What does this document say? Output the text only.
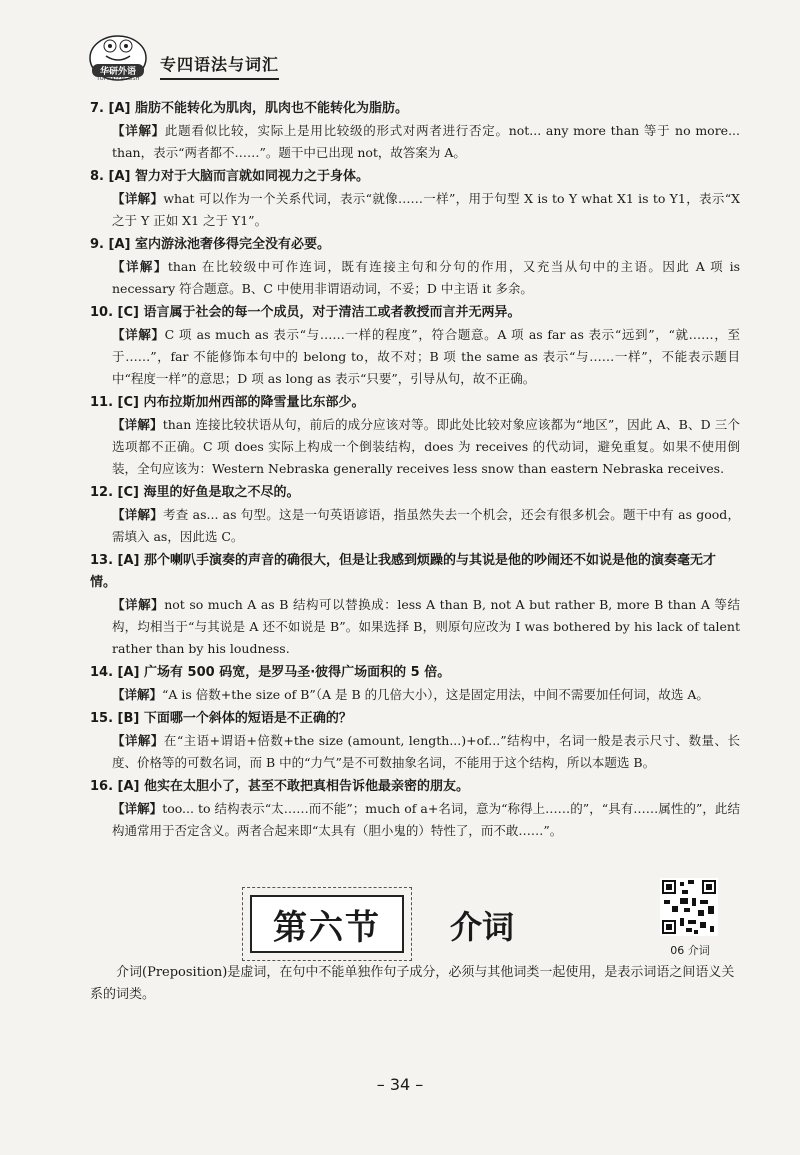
华研外语
TOPWAYENGLISH
专四语法与词汇
7. [A] 脂肪不能转化为肌肉，肌肉也不能转化为脂肪。
【详解】此题看似比较，实际上是用比较级的形式对两者进行否定。not... any more than 等于 no more... than，表示“两者都不……”。题干中已出现 not，故答案为 A。
8. [A] 智力对于大脑而言就如同视力之于身体。
【详解】what 可以作为一个关系代词，表示“就像……一样”，用于句型 X is to Y what X1 is to Y1，表示“X 之于 Y 正如 X1 之于 Y1”。
9. [A] 室内游泳池奢侈得完全没有必要。
【详解】than 在比较级中可作连词，既有连接主句和分句的作用，又充当从句中的主语。因此 A 项 is necessary 符合题意。B、C 中使用非谓语动词，不妥；D 中主语 it 多余。
10. [C] 语言属于社会的每一个成员，对于清洁工或者教授而言并无两异。
【详解】C 项 as much as 表示“与……一样的程度”，符合题意。A 项 as far as 表示“远到”，“就……，至于……”，far 不能修饰本句中的 belong to，故不对；B 项 the same as 表示“与……一样”，不能表示题目中“程度一样”的意思；D 项 as long as 表示“只要”，引导从句，故不正确。
11. [C] 内布拉斯加州西部的降雪量比东部少。
【详解】than 连接比较状语从句，前后的成分应该对等。即此处比较对象应该都为“地区”，因此 A、B、D 三个选项都不正确。C 项 does 实际上构成一个倒装结构，does 为 receives 的代动词，避免重复。如果不使用倒装，全句应该为：Western Nebraska generally receives less snow than eastern Nebraska receives.
12. [C] 海里的好鱼是取之不尽的。
【详解】考查 as... as 句型。这是一句英语谚语，指虽然失去一个机会，还会有很多机会。题干中有 as good，需填入 as，因此选 C。
13. [A] 那个喇叭手演奏的声音的确很大，但是让我感到烦躁的与其说是他的吵闹还不如说是他的演奏毫无才情。
【详解】not so much A as B 结构可以替换成：less A than B, not A but rather B, more B than A 等结构，均相当于“与其说是 A 还不如说是 B”。如果选择 B，则原句应改为 I was bothered by his lack of talent rather than by his loudness.
14. [A] 广场有 500 码宽，是罗马圣·彼得广场面积的 5 倍。
【详解】“A is 倍数+the size of B”（A 是 B 的几倍大小），这是固定用法，中间不需要加任何词，故选 A。
15. [B] 下面哪一个斜体的短语是不正确的？
【详解】在“主语+谓语+倍数+the size (amount, length...)+of...”结构中，名词一般是表示尺寸、数量、长度、价格等的可数名词，而 B 中的“力气”是不可数抽象名词，不能用于这个结构，所以本题选 B。
16. [A] 他实在太胆小了，甚至不敢把真相告诉他最亲密的朋友。
【详解】too... to 结构表示“太……而不能”；much of a+名词，意为“称得上……的”，“具有……属性的”，此结构通常用于否定含义。两者合起来即“太具有（胆小鬼的）特性了，而不敢……”。
第六节 介词
06 介词
介词(Preposition)是虚词，在句中不能单独作句子成分，必须与其他词类一起使用，是表示词语之间语义关系的词类。
– 34 –
